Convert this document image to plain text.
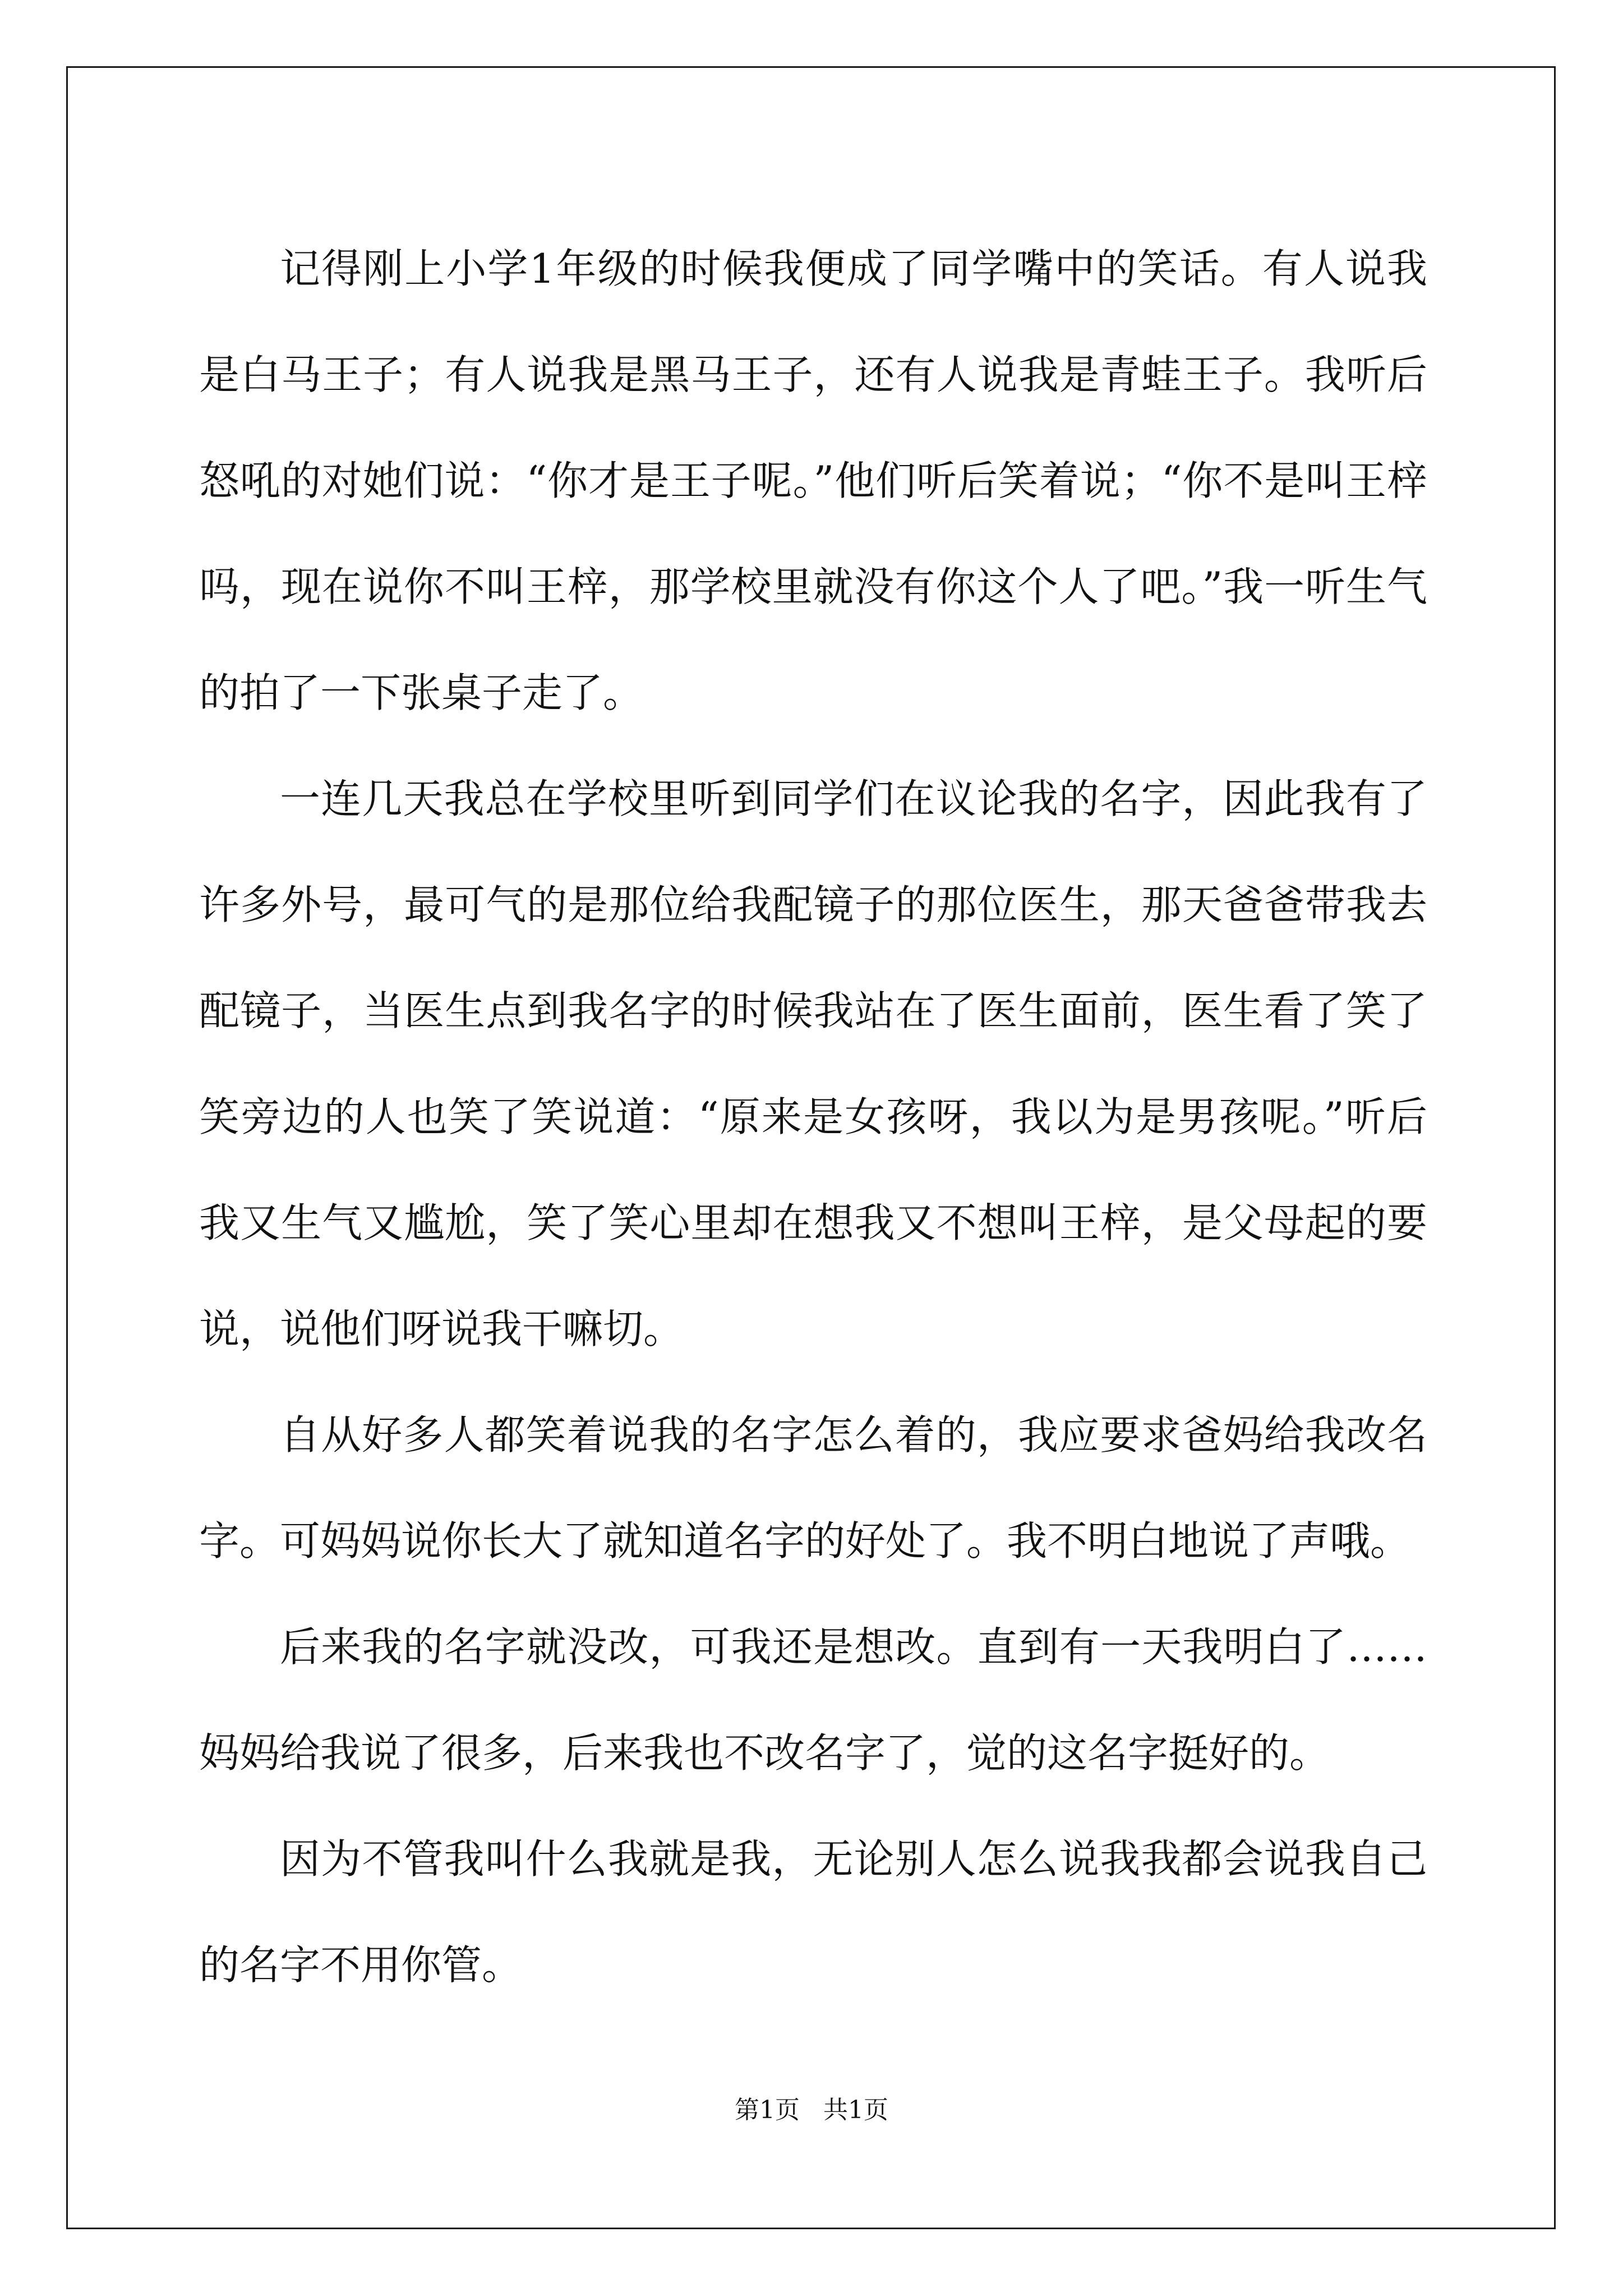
记得刚上小学1年级的时候我便成了同学嘴中的笑话。有人说我是白马王子；有人说我是黑马王子，还有人说我是青蛙王子。我听后怒吼的对她们说：“你才是王子呢。”他们听后笑着说；“你不是叫王梓吗，现在说你不叫王梓，那学校里就没有你这个人了吧。”我一听生气的拍了一下张桌子走了。

一连几天我总在学校里听到同学们在议论我的名字，因此我有了许多外号，最可气的是那位给我配镜子的那位医生，那天爸爸带我去配镜子，当医生点到我名字的时候我站在了医生面前，医生看了笑了笑旁边的人也笑了笑说道：“原来是女孩呀，我以为是男孩呢。”听后我又生气又尴尬，笑了笑心里却在想我又不想叫王梓，是父母起的要说，说他们呀说我干嘛切。

自从好多人都笑着说我的名字怎么着的，我应要求爸妈给我改名字。可妈妈说你长大了就知道名字的好处了。我不明白地说了声哦。

后来我的名字就没改，可我还是想改。直到有一天我明白了……妈妈给我说了很多，后来我也不改名字了，觉的这名字挺好的。

因为不管我叫什么我就是我，无论别人怎么说我我都会说我自己的名字不用你管。

第1页   共1页
